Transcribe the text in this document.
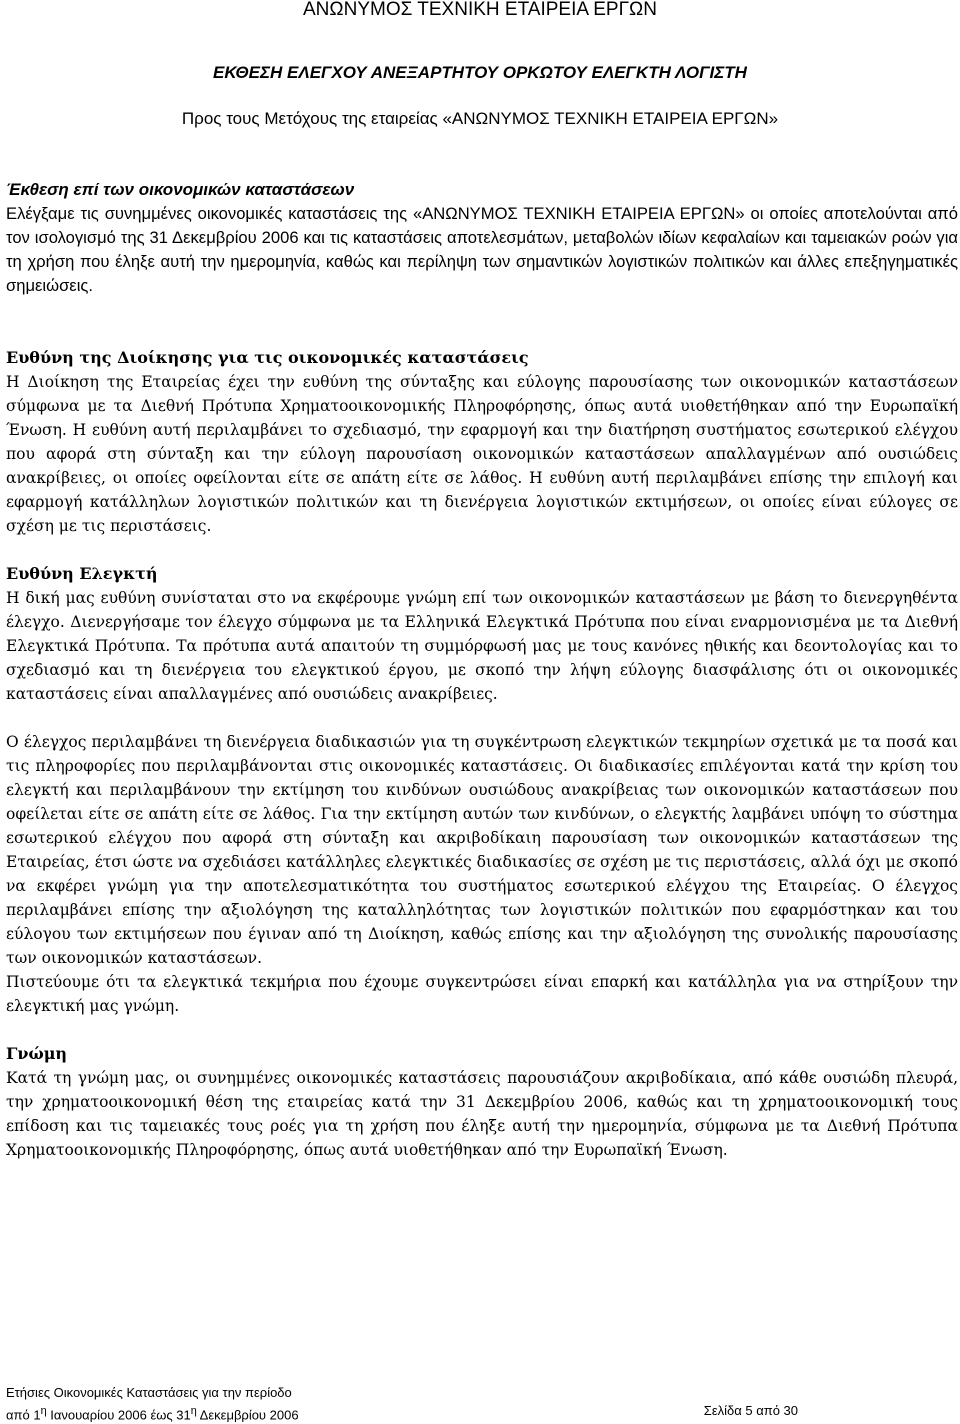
ΑΝΩΝΥΜΟΣ ΤΕΧΝΙΚΗ ΕΤΑΙΡΕΙΑ ΕΡΓΩΝ
ΕΚΘΕΣΗ ΕΛΕΓΧΟΥ ΑΝΕΞΑΡΤΗΤΟΥ ΟΡΚΩΤΟΥ ΕΛΕΓΚΤΗ ΛΟΓΙΣΤΗ
Προς τους Μετόχους της εταιρείας «ΑΝΩΝΥΜΟΣ ΤΕΧΝΙΚΗ ΕΤΑΙΡΕΙΑ ΕΡΓΩΝ»
Έκθεση επί των οικονομικών καταστάσεων

Ελέγξαμε τις συνημμένες οικονομικές καταστάσεις της «ΑΝΩΝΥΜΟΣ ΤΕΧΝΙΚΗ ΕΤΑΙΡΕΙΑ ΕΡΓΩΝ» οι οποίες αποτελούνται από τον ισολογισμό της 31 Δεκεμβρίου 2006 και τις καταστάσεις αποτελεσμάτων, μεταβολών ιδίων κεφαλαίων και ταμειακών ροών για τη χρήση που έληξε αυτή την ημερομηνία, καθώς και περίληψη των σημαντικών λογιστικών πολιτικών και άλλες επεξηγηματικές σημειώσεις.

Ευθύνη της Διοίκησης για τις οικονομικές καταστάσεις

Η Διοίκηση της Εταιρείας έχει την ευθύνη της σύνταξης και εύλογης παρουσίασης των οικονομικών καταστάσεων σύμφωνα με τα Διεθνή Πρότυπα Χρηματοοικονομικής Πληροφόρησης, όπως αυτά υιοθετήθηκαν από την Ευρωπαϊκή Ένωση. Η ευθύνη αυτή περιλαμβάνει το σχεδιασμό, την εφαρμογή και την διατήρηση συστήματος εσωτερικού ελέγχου που αφορά στη σύνταξη και την εύλογη παρουσίαση οικονομικών καταστάσεων απαλλαγμένων από ουσιώδεις ανακρίβειες, οι οποίες οφείλονται είτε σε απάτη είτε σε λάθος. Η ευθύνη αυτή περιλαμβάνει επίσης την επιλογή και εφαρμογή κατάλληλων λογιστικών πολιτικών και τη διενέργεια λογιστικών εκτιμήσεων, οι οποίες είναι εύλογες σε σχέση με τις περιστάσεις.

Ευθύνη Ελεγκτή

Η δική μας ευθύνη συνίσταται στο να εκφέρουμε γνώμη επί των οικονομικών καταστάσεων με βάση το διενεργηθέντα έλεγχο. Διενεργήσαμε τον έλεγχο σύμφωνα με τα Ελληνικά Ελεγκτικά Πρότυπα που είναι εναρμονισμένα με τα Διεθνή Ελεγκτικά Πρότυπα. Τα πρότυπα αυτά απαιτούν τη συμμόρφωσή μας με τους κανόνες ηθικής και δεοντολογίας και το σχεδιασμό και τη διενέργεια του ελεγκτικού έργου, με σκοπό την λήψη εύλογης διασφάλισης ότι οι οικονομικές καταστάσεις είναι απαλλαγμένες από ουσιώδεις ανακρίβειες.

Ο έλεγχος περιλαμβάνει τη διενέργεια διαδικασιών για τη συγκέντρωση ελεγκτικών τεκμηρίων σχετικά με τα ποσά και τις πληροφορίες που περιλαμβάνονται στις οικονομικές καταστάσεις. Οι διαδικασίες επιλέγονται κατά την κρίση του ελεγκτή και περιλαμβάνουν την εκτίμηση του κινδύνων ουσιώδους ανακρίβειας των οικονομικών καταστάσεων που οφείλεται είτε σε απάτη είτε σε λάθος. Για την εκτίμηση αυτών των κινδύνων, ο ελεγκτής λαμβάνει υπόψη το σύστημα εσωτερικού ελέγχου που αφορά στη σύνταξη και ακριβοδίκαιη παρουσίαση των οικονομικών καταστάσεων της Εταιρείας, έτσι ώστε να σχεδιάσει κατάλληλες ελεγκτικές διαδικασίες σε σχέση με τις περιστάσεις, αλλά όχι με σκοπό να εκφέρει γνώμη για την αποτελεσματικότητα του συστήματος εσωτερικού ελέγχου της Εταιρείας. Ο έλεγχος περιλαμβάνει επίσης την αξιολόγηση της καταλληλότητας των λογιστικών πολιτικών που εφαρμόστηκαν και του εύλογου των εκτιμήσεων που έγιναν από τη Διοίκηση, καθώς επίσης και την αξιολόγηση της συνολικής παρουσίασης των οικονομικών καταστάσεων.

Πιστεύουμε ότι τα ελεγκτικά τεκμήρια που έχουμε συγκεντρώσει είναι επαρκή και κατάλληλα για να στηρίξουν την ελεγκτική μας γνώμη.

Γνώμη

Κατά τη γνώμη μας, οι συνημμένες οικονομικές καταστάσεις παρουσιάζουν ακριβοδίκαια, από κάθε ουσιώδη πλευρά, την χρηματοοικονομική θέση της εταιρείας κατά την 31 Δεκεμβρίου 2006, καθώς και τη χρηματοοικονομική τους επίδοση και τις ταμειακές τους ροές για τη χρήση που έληξε αυτή την ημερομηνία, σύμφωνα με τα Διεθνή Πρότυπα Χρηματοοικονομικής Πληροφόρησης, όπως αυτά υιοθετήθηκαν από την Ευρωπαϊκή Ένωση.

Ετήσιες Οικονομικές Καταστάσεις για την περίοδο
από $1^\eta$ Ιανουαρίου 2006 έως $31^\eta$ Δεκεμβρίου 2006	Σελίδα 5 από 30
